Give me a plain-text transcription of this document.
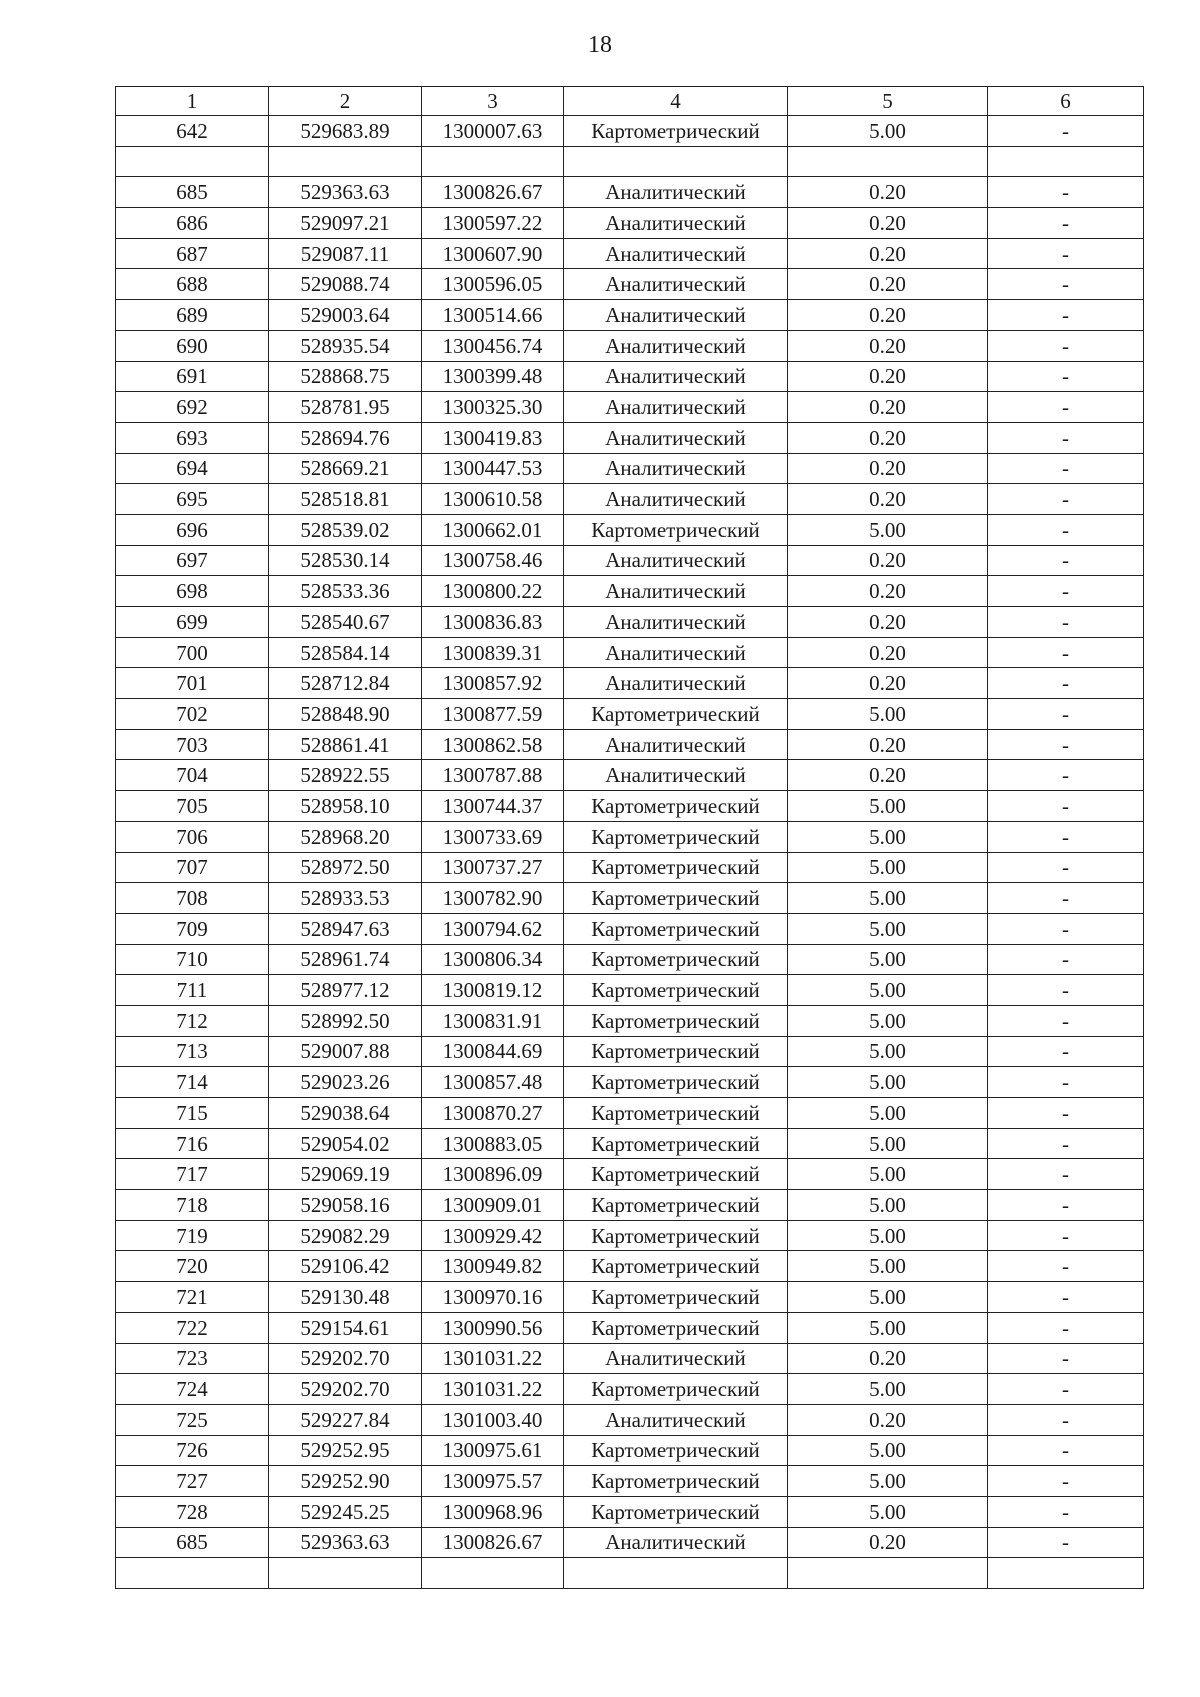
18
1	2	3	4	5	6
642	529683.89	1300007.63	Картометрический	5.00	-

685	529363.63	1300826.67	Аналитический	0.20	-
686	529097.21	1300597.22	Аналитический	0.20	-
687	529087.11	1300607.90	Аналитический	0.20	-
688	529088.74	1300596.05	Аналитический	0.20	-
689	529003.64	1300514.66	Аналитический	0.20	-
690	528935.54	1300456.74	Аналитический	0.20	-
691	528868.75	1300399.48	Аналитический	0.20	-
692	528781.95	1300325.30	Аналитический	0.20	-
693	528694.76	1300419.83	Аналитический	0.20	-
694	528669.21	1300447.53	Аналитический	0.20	-
695	528518.81	1300610.58	Аналитический	0.20	-
696	528539.02	1300662.01	Картометрический	5.00	-
697	528530.14	1300758.46	Аналитический	0.20	-
698	528533.36	1300800.22	Аналитический	0.20	-
699	528540.67	1300836.83	Аналитический	0.20	-
700	528584.14	1300839.31	Аналитический	0.20	-
701	528712.84	1300857.92	Аналитический	0.20	-
702	528848.90	1300877.59	Картометрический	5.00	-
703	528861.41	1300862.58	Аналитический	0.20	-
704	528922.55	1300787.88	Аналитический	0.20	-
705	528958.10	1300744.37	Картометрический	5.00	-
706	528968.20	1300733.69	Картометрический	5.00	-
707	528972.50	1300737.27	Картометрический	5.00	-
708	528933.53	1300782.90	Картометрический	5.00	-
709	528947.63	1300794.62	Картометрический	5.00	-
710	528961.74	1300806.34	Картометрический	5.00	-
711	528977.12	1300819.12	Картометрический	5.00	-
712	528992.50	1300831.91	Картометрический	5.00	-
713	529007.88	1300844.69	Картометрический	5.00	-
714	529023.26	1300857.48	Картометрический	5.00	-
715	529038.64	1300870.27	Картометрический	5.00	-
716	529054.02	1300883.05	Картометрический	5.00	-
717	529069.19	1300896.09	Картометрический	5.00	-
718	529058.16	1300909.01	Картометрический	5.00	-
719	529082.29	1300929.42	Картометрический	5.00	-
720	529106.42	1300949.82	Картометрический	5.00	-
721	529130.48	1300970.16	Картометрический	5.00	-
722	529154.61	1300990.56	Картометрический	5.00	-
723	529202.70	1301031.22	Аналитический	0.20	-
724	529202.70	1301031.22	Картометрический	5.00	-
725	529227.84	1301003.40	Аналитический	0.20	-
726	529252.95	1300975.61	Картометрический	5.00	-
727	529252.90	1300975.57	Картометрический	5.00	-
728	529245.25	1300968.96	Картометрический	5.00	-
685	529363.63	1300826.67	Аналитический	0.20	-
